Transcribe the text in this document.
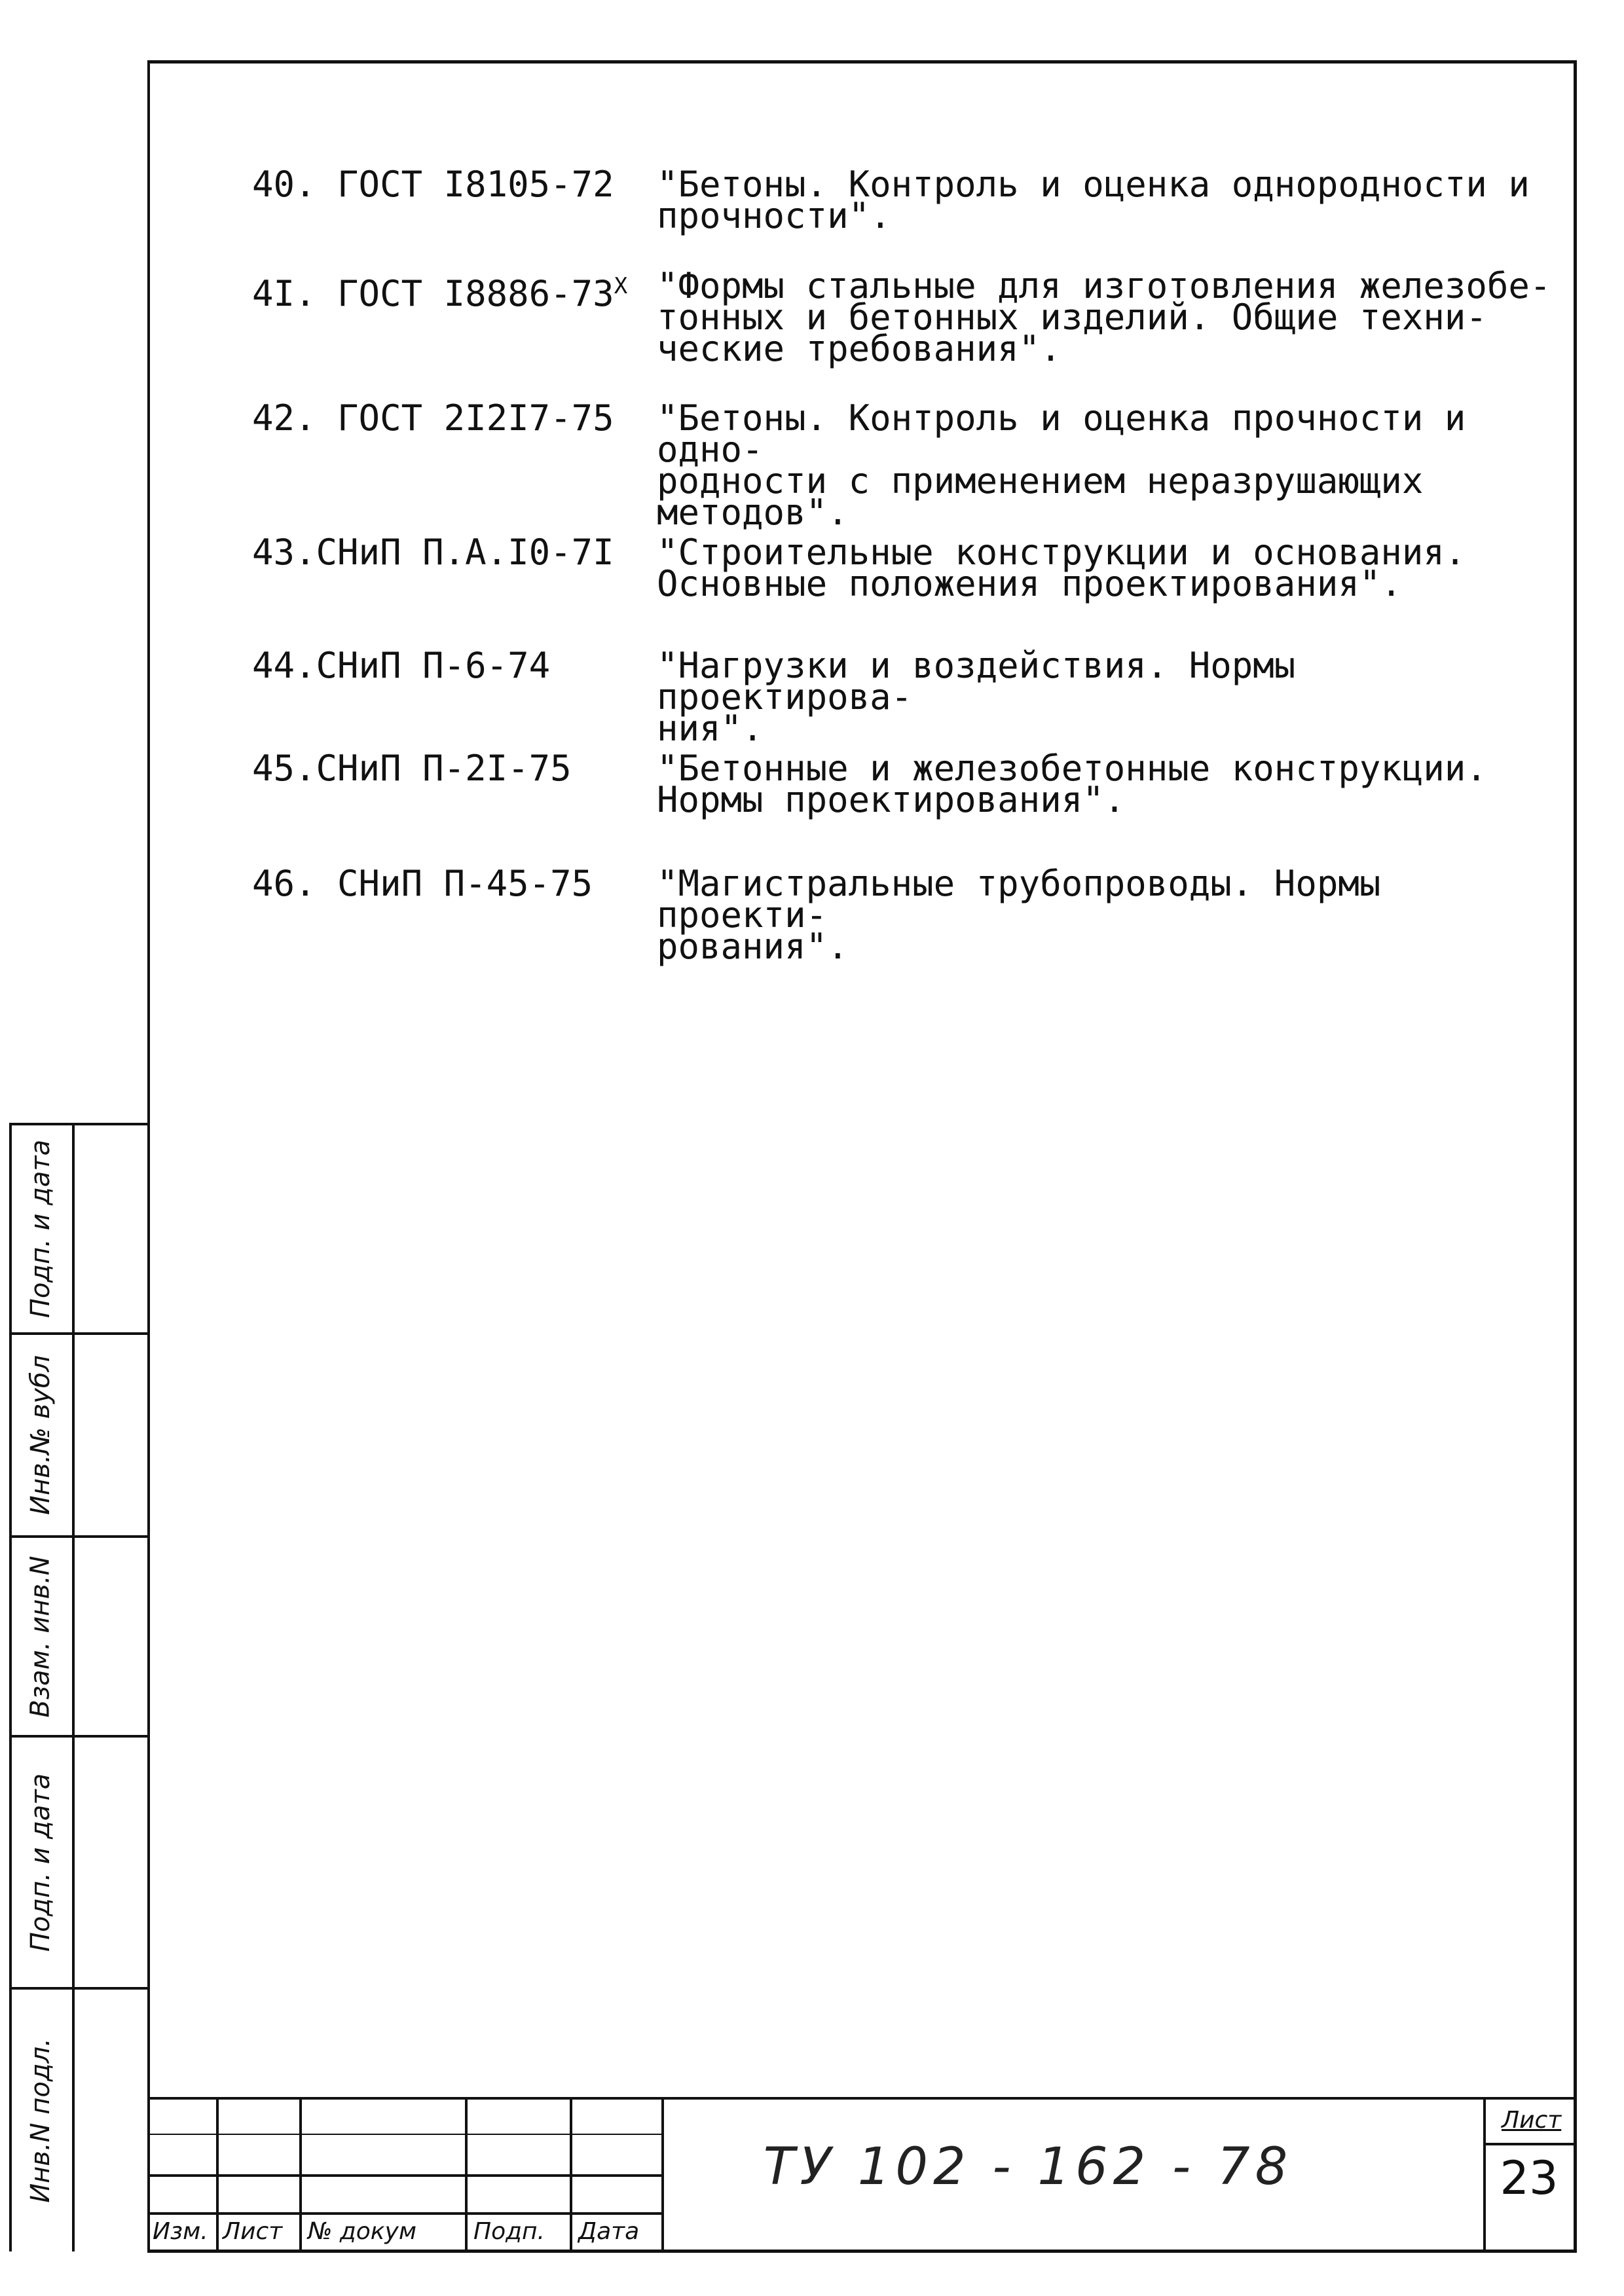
40. ГОСТ I8105-72	"Бетоны. Контроль и оценка однородности и
прочности".
4I. ГОСТ $I8886-73^X$ "Формы стальные для изготовления железобе-
тонных и бетонных изделий. Общие техни-
ческие требования".
42. ГОСТ 2I2I7-75	"Бетоны. Контроль и оценка прочности и одно-
родности с применением неразрушающих
методов".
43.СНиП П.А.I0-7I	"Строительные конструкции и основания.
Основные положения проектирования".
44.СНиП П-6-74	"Нагрузки и воздействия. Нормы проектирова-
ния".
45.СНиП П-2I-75	"Бетонные и железобетонные конструкции.
Нормы проектирования".
46. СНиП П-45-75	"Магистральные трубопроводы. Нормы проекти-
рования".
Подп. и дата
Инв.№ вубл
Взам. инв.N
Подп. и дата
Инв.N подл.
Изм. Лист № докум Подп. Дата
ТУ 102 - 162 - 78
Лист
23
